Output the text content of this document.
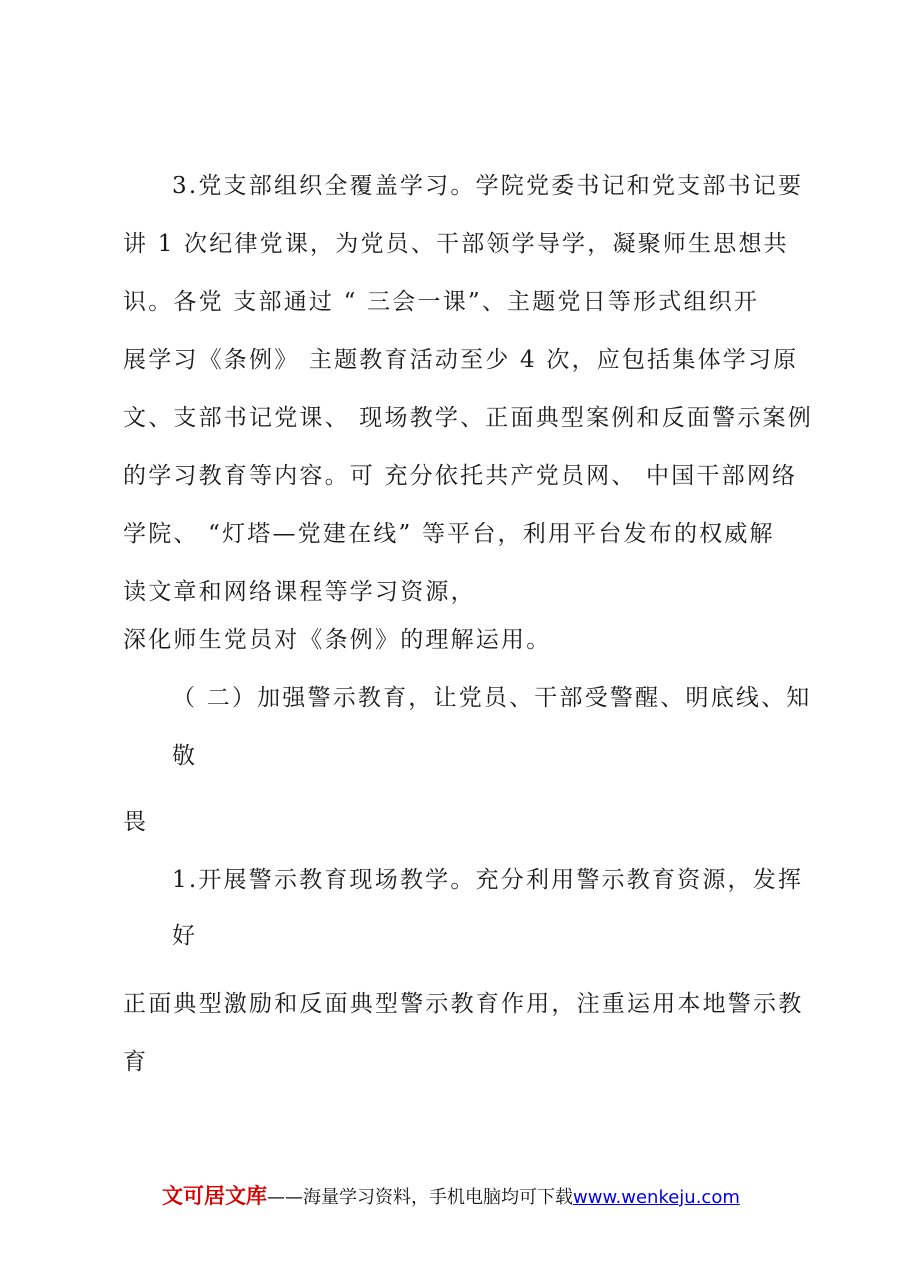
3.党支部组织全覆盖学习。学院党委书记和党支部书记要
讲 1 次纪律党课，为党员、干部领学导学，凝聚师生思想共
识。各党 支部通过 “ 三会一课”、主题党日等形式组织开
展学习《条例》 主题教育活动至少 4 次，应包括集体学习原
文、支部书记党课、 现场教学、正面典型案例和反面警示案例
的学习教育等内容。可 充分依托共产党员网、 中国干部网络
学院、 “灯塔—党建在线” 等平台，利用平台发布的权威解
读文章和网络课程等学习资源，
深化师生党员对《条例》的理解运用。
（ 二）加强警示教育，让党员、干部受警醒、明底线、知
敬
畏
1.开展警示教育现场教学。充分利用警示教育资源，发挥
好
正面典型激励和反面典型警示教育作用，注重运用本地警示教
育
文可居文库——海量学习资料，手机电脑均可下载www.wenkeju.com
